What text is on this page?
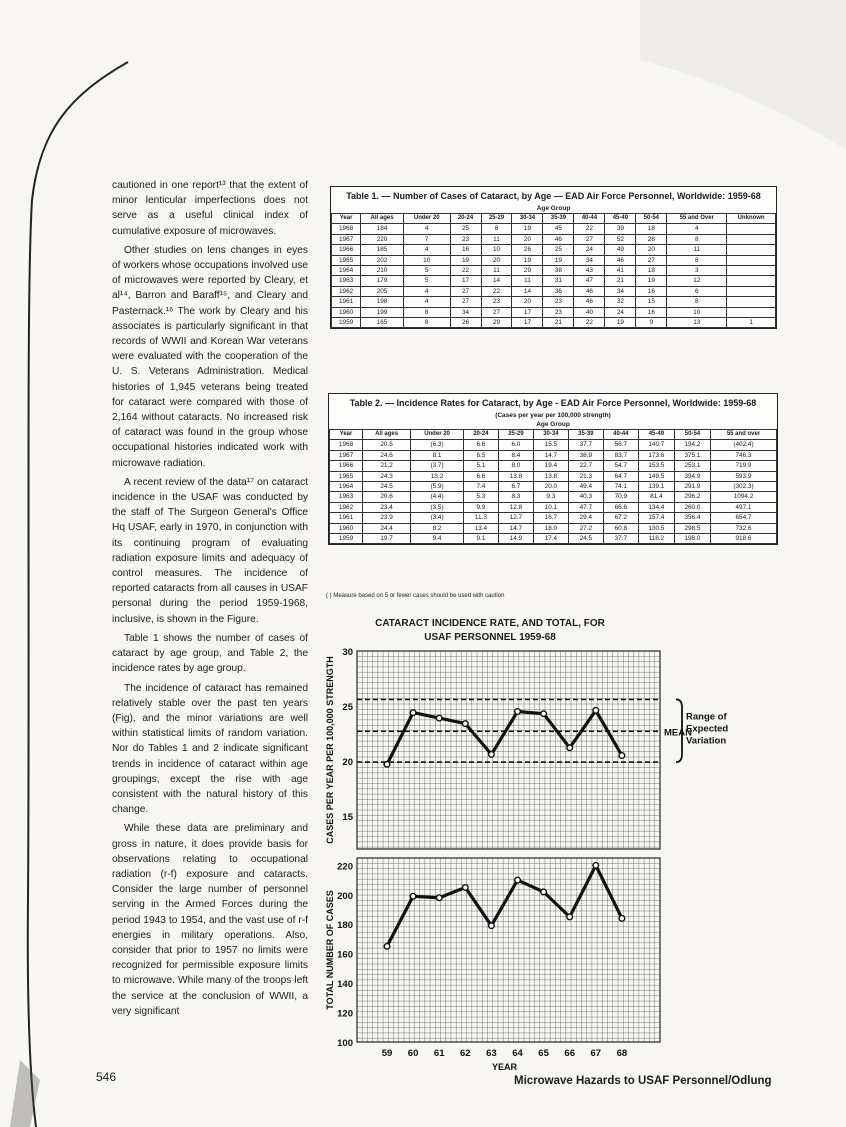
cautioned in one report¹³ that the extent of minor lenticular imperfections does not serve as a useful clinical index of cumulative exposure of microwaves.

Other studies on lens changes in eyes of workers whose occupations involved use of microwaves were reported by Cleary, et al¹⁴, Barron and Baraff¹⁵, and Cleary and Pasternack.¹⁶ The work by Cleary and his associates is particularly significant in that records of WWII and Korean War veterans were evaluated with the cooperation of the U. S. Veterans Administration. Medical histories of 1,945 veterans being treated for cataract were compared with those of 2,164 without cataracts. No increased risk of cataract was found in the group whose occupational histories indicated work with microwave radiation.

A recent review of the data¹⁷ on cataract incidence in the USAF was conducted by the staff of The Surgeon General's Office Hq USAF, early in 1970, in conjunction with its continuing program of evaluating radiation exposure limits and adequacy of control measures. The incidence of reported cataracts from all causes in USAF personal during the period 1959-1968, inclusive, is shown in the Figure.

Table 1 shows the number of cases of cataract by age group, and Table 2, the incidence rates by age group.

The incidence of cataract has remained relatively stable over the past ten years (Fig), and the minor variations are well within statistical limits of random variation. Nor do Tables 1 and 2 indicate significant trends in incidence of cataract within age groupings, except the rise with age consistent with the natural history of this change.

While these data are preliminary and gross in nature, it does provide basis for observations relating to occupational radiation (r-f) exposure and cataracts. Consider the large number of personnel serving in the Armed Forces during the period 1943 to 1954, and the vast use of r-f energies in military operations. Also, consider that prior to 1957 no limits were recognized for permissible exposure limits to microwave. While many of the troops left the service at the conclusion of WWII, a very significant

Table 1. — Number of Cases of Cataract, by Age — EAD Air Force Personnel, Worldwide: 1959-68
Age Group
Year	All ages	Under 20	20-24	25-29	30-34	35-39	40-44	45-49	50-54	55 and Over	Unknown
1968	184	4	25	8	19	45	22	39	18	4	
1967	220	7	23	11	20	46	27	52	28	8	
1966	185	4	16	10	26	25	24	49	20	11	
1965	202	10	19	20	19	19	34	46	27	8	
1964	210	5	22	11	29	38	43	41	18	3	
1963	179	5	17	14	11	31	47	21	19	12	
1962	205	4	27	22	14	36	46	34	16	6	
1961	198	4	27	23	20	23	46	32	15	8	
1960	199	8	34	27	17	23	40	24	16	10	
1959	165	8	26	29	17	21	22	19	9	13	1
Table 2. — Incidence Rates for Cataract, by Age - EAD Air Force Personnel, Worldwide: 1959-68
(Cases per year per 100,000 strength)
Age Group
Year	All ages	Under 20	20-24	25-29	30-34	35-39	40-44	45-49	50-54	55 and over
1968	20.5	(6.3)	6.6	6.0	15.5	37.7	56.7	140.7	194.2	(402.4)
1967	24.6	8.1	6.5	8.4	14.7	38.9	83.7	173.6	375.1	746.3
1966	21.2	(3.7)	5.1	8.0	19.4	22.7	54.7	153.5	253.1	719.9
1965	24.3	13.2	6.6	13.8	13.8	21.3	64.7	149.5	394.9	593.9
1964	24.5	(5.9)	7.4	6.7	20.0	49.4	74.1	139.1	291.9	(302.3)
1963	20.6	(4.4)	5.3	8.3	9.3	40.3	70.9	81.4	296.2	1094.2
1962	23.4	(3.5)	9.9	12.8	10.1	47.7	66.6	134.4	260.0	497.1
1961	23.9	(3.4)	11.3	12.7	16.7	29.4	67.2	157.4	356.4	654.7
1960	24.4	8.2	13.4	14.7	18.0	27.2	60.8	130.5	298.5	732.6
1959	19.7	9.4	9.1	14.9	17.4	24.5	37.7	118.2	198.0	918.6
( ) Measure based on 5 or fewer cases should be used with caution
CATARACT INCIDENCE RATE, AND TOTAL, FOR
USAF PERSONNEL 1959-68
15
20
25
30
CASES PER YEAR PER 100,000 STRENGTH
100
120
140
160
180
200
220
TOTAL NUMBER OF CASES
59 60 61 62 63 64 65 66 67 68
YEAR
MEAN
Range of
Expected
Variation
546	Microwave Hazards to USAF Personnel/Odlung
